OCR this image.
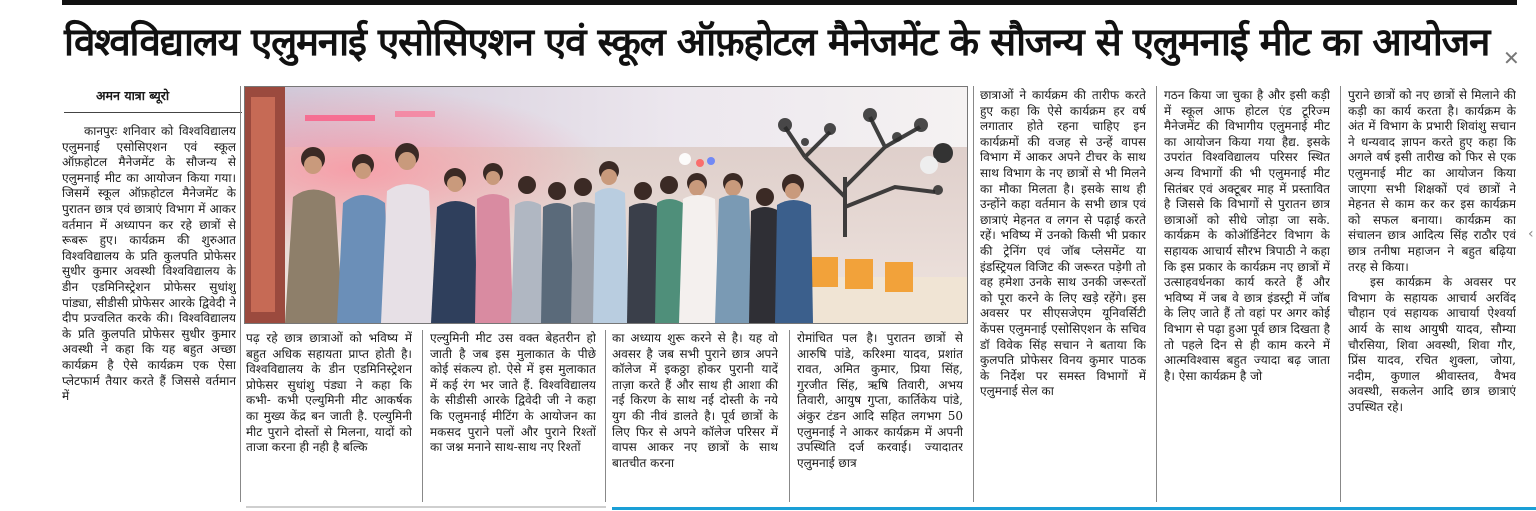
विश्वविद्यालय एलुमनाई एसोसिएशन एवं स्कूल ऑफ़होटल मैनेजमेंट के सौजन्य से एलुमनाई मीट का आयोजन ✕
‹
अमन यात्रा ब्यूरो

कानपुरः शनिवार को विश्वविद्यालय एलुमनाई एसोसिएशन एवं स्कूल ऑफ़होटल मैनेजमेंट के सौजन्य से एलुमनाई मीट का आयोजन किया गया। जिसमें स्कूल ऑफ़होटल मैनेजमेंट के पुरातन छात्र एवं छात्राएं विभाग में आकर वर्तमान में अध्यापन कर रहे छात्रों से रूबरू हुए। कार्यक्रम की शुरुआत विश्वविद्यालय के प्रति कुलपति प्रोफेसर सुधीर कुमार अवस्थी विश्वविद्यालय के डीन एडमिनिस्ट्रेशन प्रोफेसर सुधांशु पांड्या, सीडीसी प्रोफेसर आरके द्विवेदी ने दीप प्रज्वलित करके की। विश्वविद्यालय के प्रति कुलपति प्रोफेसर सुधीर कुमार अवस्थी ने कहा कि यह बहुत अच्छा कार्यक्रम है ऐसे कार्यक्रम एक ऐसा प्लेटफार्म तैयार करते हैं जिससे वर्तमान में

पढ़ रहे छात्र छात्राओं को भविष्य में बहुत अधिक सहायता प्राप्त होती है।विश्वविद्यालय के डीन एडमिनिस्ट्रेशन प्रोफेसर सुधांशु पंड्या ने कहा कि कभी- कभी एल्युमिनी मीट आकर्षक का मुख्य केंद्र बन जाती है. एल्युमिनी मीट पुराने दोस्तों से मिलना, यादों को ताजा करना ही नही है बल्कि

एल्युमिनी मीट उस वक्त बेहतरीन हो जाती है जब इस मुलाकात के पीछे कोई संकल्प हो. ऐसे में इस मुलाकात में कई रंग भर जाते हैं. विश्वविद्यालय के सीडीसी आरके द्विवेदी जी ने कहा कि एलुमनाई मीटिंग के आयोजन का मकसद पुराने पलों और पुराने रिश्तों का जश्न मनाने साथ-साथ नए रिश्तों

का अध्याय शुरू करने से है। यह वो अवसर है जब सभी पुराने छात्र अपने कॉलेज में इकठ्ठा होकर पुरानी यादें ताज़ा करते हैं और साथ ही आशा की नई किरण के साथ नई दोस्ती के नये युग की नीवं डालते है। पूर्व छात्रों के लिए फिर से अपने कॉलेज परिसर में वापस आकर नए छात्रों के साथ बातचीत करना

रोमांचित पल है। पुरातन छात्रों से आरुषि पांडे, करिश्मा यादव, प्रशांत रावत, अमित कुमार, प्रिया सिंह, गुरजीत सिंह, ऋषि तिवारी, अभय तिवारी, आयुष गुप्ता, कार्तिकेय पांडे, अंकुर टंडन आदि सहित लगभग 50 एलुमनाई ने आकर कार्यक्रम में अपनी उपस्थिति दर्ज करवाई। ज्यादातर एलुमनाई छात्र

छात्राओं ने कार्यक्रम की तारीफ करते हुए कहा कि ऐसे कार्यक्रम हर वर्ष लगातार होते रहना चाहिए इन कार्यक्रमों की वजह से उन्हें वापस विभाग में आकर अपने टीचर के साथ साथ विभाग के नए छात्रों से भी मिलने का मौका मिलता है। इसके साथ ही उन्होंने कहा वर्तमान के सभी छात्र एवं छात्राएं मेहनत व लगन से पढ़ाई करते रहें। भविष्य में उनको किसी भी प्रकार की ट्रेनिंग एवं जॉब प्लेसमेंट या इंडस्ट्रियल विजिट की जरूरत पड़ेगी तो वह हमेशा उनके साथ उनकी जरूरतों को पूरा करने के लिए खड़े रहेंगे। इस अवसर पर सीएसजेएम यूनिवर्सिटी केंपस एलुमनाई एसोसिएशन के सचिव डॉ विवेक सिंह सचान ने बताया कि कुलपति प्रोफेसर विनय कुमार पाठक के निर्देश पर समस्त विभागों में एलुमनाई सेल का

गठन किया जा चुका है और इसी कड़ी में स्कूल आफ होटल एंड टूरिज्म मैनेजमेंट की विभागीय एलुमनाई मीट का आयोजन किया गया हैद्य. इसके उपरांत विश्वविद्यालय परिसर स्थित अन्य विभागों की भी एलुमनाई मीट सितंबर एवं अक्टूबर माह में प्रस्तावित है जिससे कि विभागों से पुरातन छात्र छात्राओं को सीधे जोड़ा जा सके. कार्यक्रम के कोऑर्डिनेटर विभाग के सहायक आचार्य सौरभ त्रिपाठी ने कहा कि इस प्रकार के कार्यक्रम नए छात्रों में उत्साहवर्धनका कार्य करते हैं और भविष्य में जब वे छात्र इंडस्ट्री में जॉब के लिए जाते हैं तो वहां पर अगर कोई विभाग से पढ़ा हुआ पूर्व छात्र दिखता है तो पहले दिन से ही काम करने में आत्मविश्वास बहुत ज्यादा बढ़ जाता है। ऐसा कार्यक्रम है जो

पुराने छात्रों को नए छात्रों से मिलाने की कड़ी का कार्य करता है। कार्यक्रम के अंत में विभाग के प्रभारी शिवांशु सचान ने धन्यवाद ज्ञापन करते हुए कहा कि अगले वर्ष इसी तारीख को फिर से एक एलुमनाई मीट का आयोजन किया जाएगा सभी शिक्षकों एवं छात्रों ने मेहनत से काम कर कर इस कार्यक्रम को सफल बनाया। कार्यक्रम का संचालन छात्र आदित्य सिंह राठौर एवं छात्र तनीषा महाजन ने बहुत बढ़िया तरह से किया।

इस कार्यक्रम के अवसर पर विभाग के सहायक आचार्य अरविंद चौहान एवं सहायक आचार्या ऐश्वर्या आर्य के साथ आयुषी यादव, सौम्या चौरसिया, शिवा अवस्थी, शिवा गौर, प्रिंस यादव, रचित शुक्ला, जोया, नदीम, कुणाल श्रीवास्तव, वैभव अवस्थी, सकलेन आदि छात्र छात्राएं उपस्थित रहे।
